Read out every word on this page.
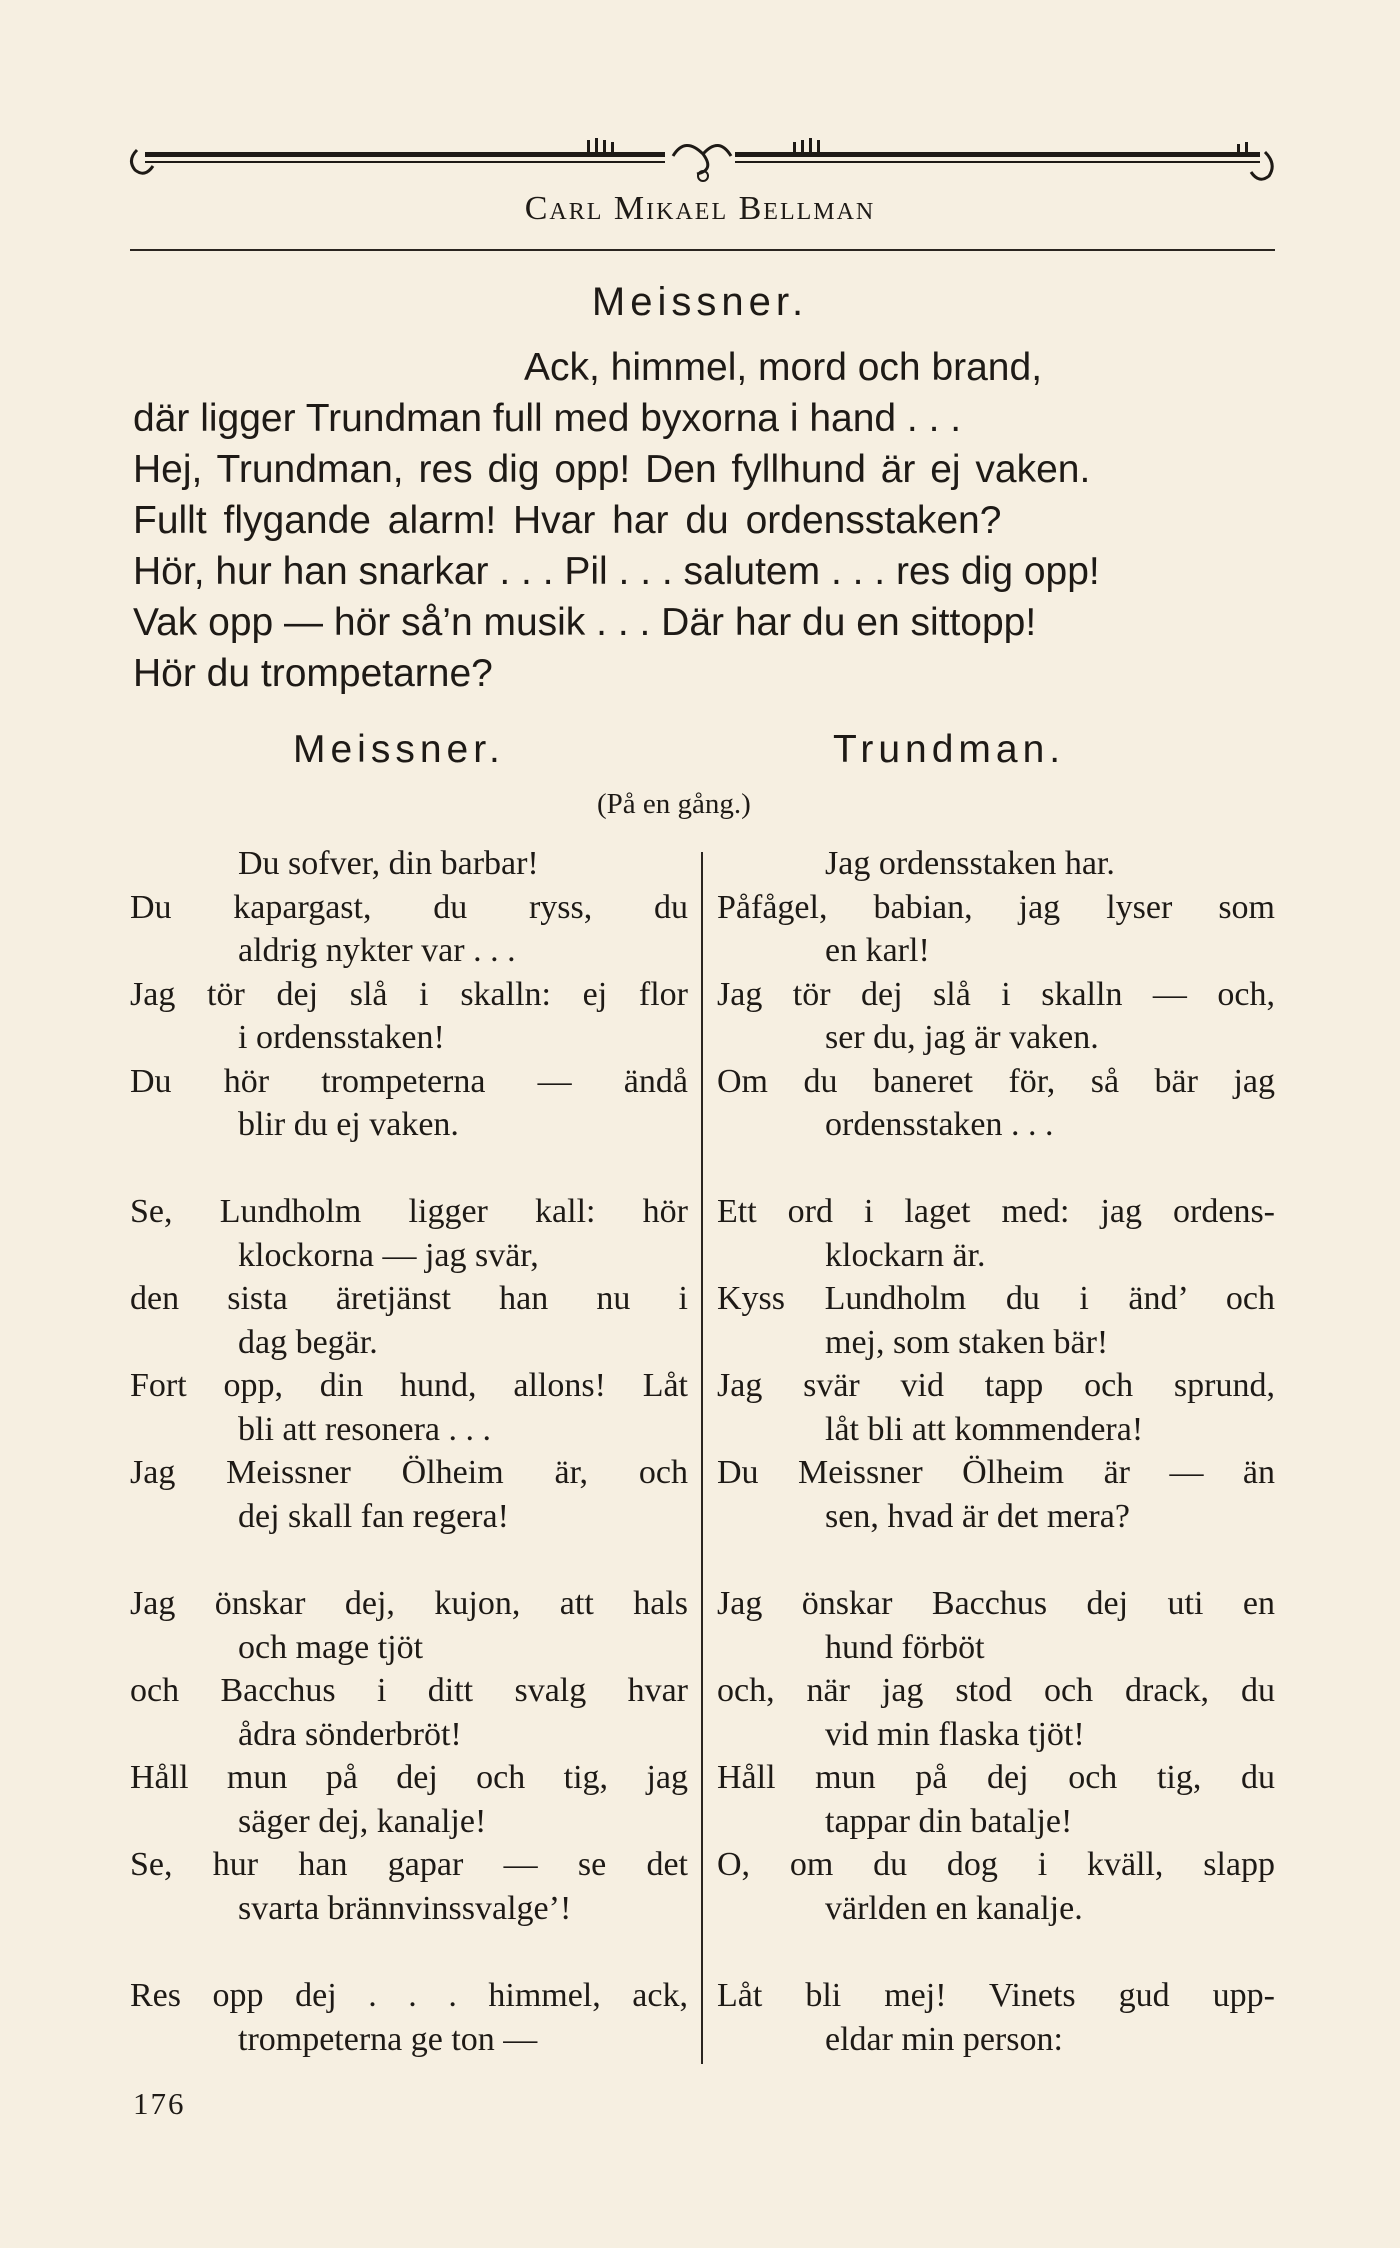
Carl Mikael Bellman
Meissner.
Ack, himmel, mord och brand,
där ligger Trundman full med byxorna i hand . . .
Hej, Trundman, res dig opp! Den fyllhund är ej vaken.
Fullt flygande alarm! Hvar har du ordensstaken?
Hör, hur han snarkar . . . Pil . . . salutem . . . res dig opp!
Vak opp — hör så’n musik . . . Där har du en sittopp!
Hör du trompetarne?
Meissner.	Trundman.
(På en gång.)
Du sofver, din barbar!
Du kapargast, du ryss, du
aldrig nykter var . . .
Jag tör dej slå i skalln: ej flor
i ordensstaken!
Du hör trompeterna — ändå
blir du ej vaken.
Se, Lundholm ligger kall: hör
klockorna — jag svär,
den sista äretjänst han nu i
dag begär.
Fort opp, din hund, allons! Låt
bli att resonera . . .
Jag Meissner Ölheim är, och
dej skall fan regera!
Jag önskar dej, kujon, att hals
och mage tjöt
och Bacchus i ditt svalg hvar
ådra sönderbröt!
Håll mun på dej och tig, jag
säger dej, kanalje!
Se, hur han gapar — se det
svarta brännvinssvalge’!
Res opp dej . . . himmel, ack,
trompeterna ge ton —
Jag ordensstaken har.
Påfågel, babian, jag lyser som
en karl!
Jag tör dej slå i skalln — och,
ser du, jag är vaken.
Om du baneret för, så bär jag
ordensstaken . . .
Ett ord i laget med: jag ordens-
klockarn är.
Kyss Lundholm du i änd’ och
mej, som staken bär!
Jag svär vid tapp och sprund,
låt bli att kommendera!
Du Meissner Ölheim är — än
sen, hvad är det mera?
Jag önskar Bacchus dej uti en
hund förböt
och, när jag stod och drack, du
vid min flaska tjöt!
Håll mun på dej och tig, du
tappar din batalje!
O, om du dog i kväll, slapp
världen en kanalje.
Låt bli mej! Vinets gud upp-
eldar min person:
176
